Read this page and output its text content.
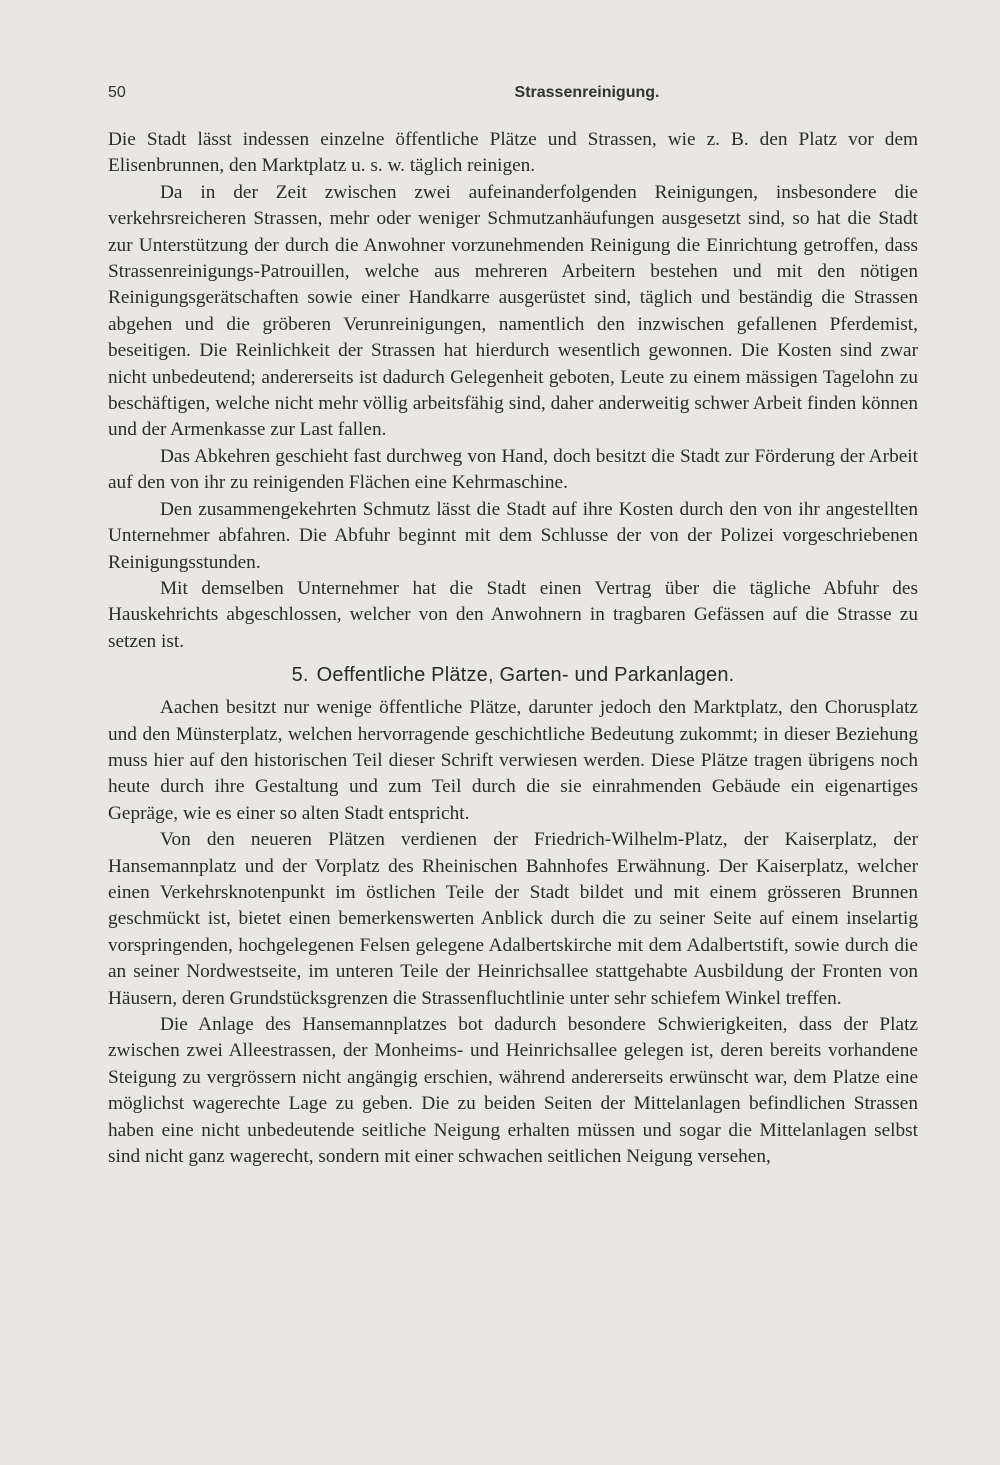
50	Strassenreinigung.

Die Stadt lässt indessen einzelne öffentliche Plätze und Strassen, wie z. B. den Platz vor dem Elisenbrunnen, den Marktplatz u. s. w. täglich reinigen.

Da in der Zeit zwischen zwei aufeinanderfolgenden Reinigungen, insbesondere die verkehrsreicheren Strassen, mehr oder weniger Schmutzanhäufungen ausgesetzt sind, so hat die Stadt zur Unterstützung der durch die Anwohner vorzunehmenden Reinigung die Einrichtung getroffen, dass Strassenreinigungs-Patrouillen, welche aus mehreren Arbeitern bestehen und mit den nötigen Reinigungsgerätschaften sowie einer Handkarre ausgerüstet sind, täglich und beständig die Strassen abgehen und die gröberen Verunreinigungen, namentlich den inzwischen gefallenen Pferdemist, beseitigen. Die Reinlichkeit der Strassen hat hierdurch wesentlich gewonnen. Die Kosten sind zwar nicht unbedeutend; andererseits ist dadurch Gelegenheit geboten, Leute zu einem mässigen Tagelohn zu beschäftigen, welche nicht mehr völlig arbeitsfähig sind, daher anderweitig schwer Arbeit finden können und der Armenkasse zur Last fallen.

Das Abkehren geschieht fast durchweg von Hand, doch besitzt die Stadt zur Förderung der Arbeit auf den von ihr zu reinigenden Flächen eine Kehrmaschine.

Den zusammengekehrten Schmutz lässt die Stadt auf ihre Kosten durch den von ihr angestellten Unternehmer abfahren. Die Abfuhr beginnt mit dem Schlusse der von der Polizei vorgeschriebenen Reinigungsstunden.

Mit demselben Unternehmer hat die Stadt einen Vertrag über die tägliche Abfuhr des Hauskehrichts abgeschlossen, welcher von den Anwohnern in tragbaren Gefässen auf die Strasse zu setzen ist.

5. Oeffentliche Plätze, Garten- und Parkanlagen.

Aachen besitzt nur wenige öffentliche Plätze, darunter jedoch den Marktplatz, den Chorusplatz und den Münsterplatz, welchen hervorragende geschichtliche Bedeutung zukommt; in dieser Beziehung muss hier auf den historischen Teil dieser Schrift verwiesen werden. Diese Plätze tragen übrigens noch heute durch ihre Gestaltung und zum Teil durch die sie einrahmenden Gebäude ein eigenartiges Gepräge, wie es einer so alten Stadt entspricht.

Von den neueren Plätzen verdienen der Friedrich-Wilhelm-Platz, der Kaiserplatz, der Hansemannplatz und der Vorplatz des Rheinischen Bahnhofes Erwähnung. Der Kaiserplatz, welcher einen Verkehrsknotenpunkt im östlichen Teile der Stadt bildet und mit einem grösseren Brunnen geschmückt ist, bietet einen bemerkenswerten Anblick durch die zu seiner Seite auf einem inselartig vorspringenden, hochgelegenen Felsen gelegene Adalbertskirche mit dem Adalbertstift, sowie durch die an seiner Nordwestseite, im unteren Teile der Heinrichsallee stattgehabte Ausbildung der Fronten von Häusern, deren Grundstücksgrenzen die Strassenfluchtlinie unter sehr schiefem Winkel treffen.

Die Anlage des Hansemannplatzes bot dadurch besondere Schwierigkeiten, dass der Platz zwischen zwei Alleestrassen, der Monheims- und Heinrichsallee gelegen ist, deren bereits vorhandene Steigung zu vergrössern nicht angängig erschien, während andererseits erwünscht war, dem Platze eine möglichst wagerechte Lage zu geben. Die zu beiden Seiten der Mittelanlagen befindlichen Strassen haben eine nicht unbedeutende seitliche Neigung erhalten müssen und sogar die Mittelanlagen selbst sind nicht ganz wagerecht, sondern mit einer schwachen seitlichen Neigung versehen,
